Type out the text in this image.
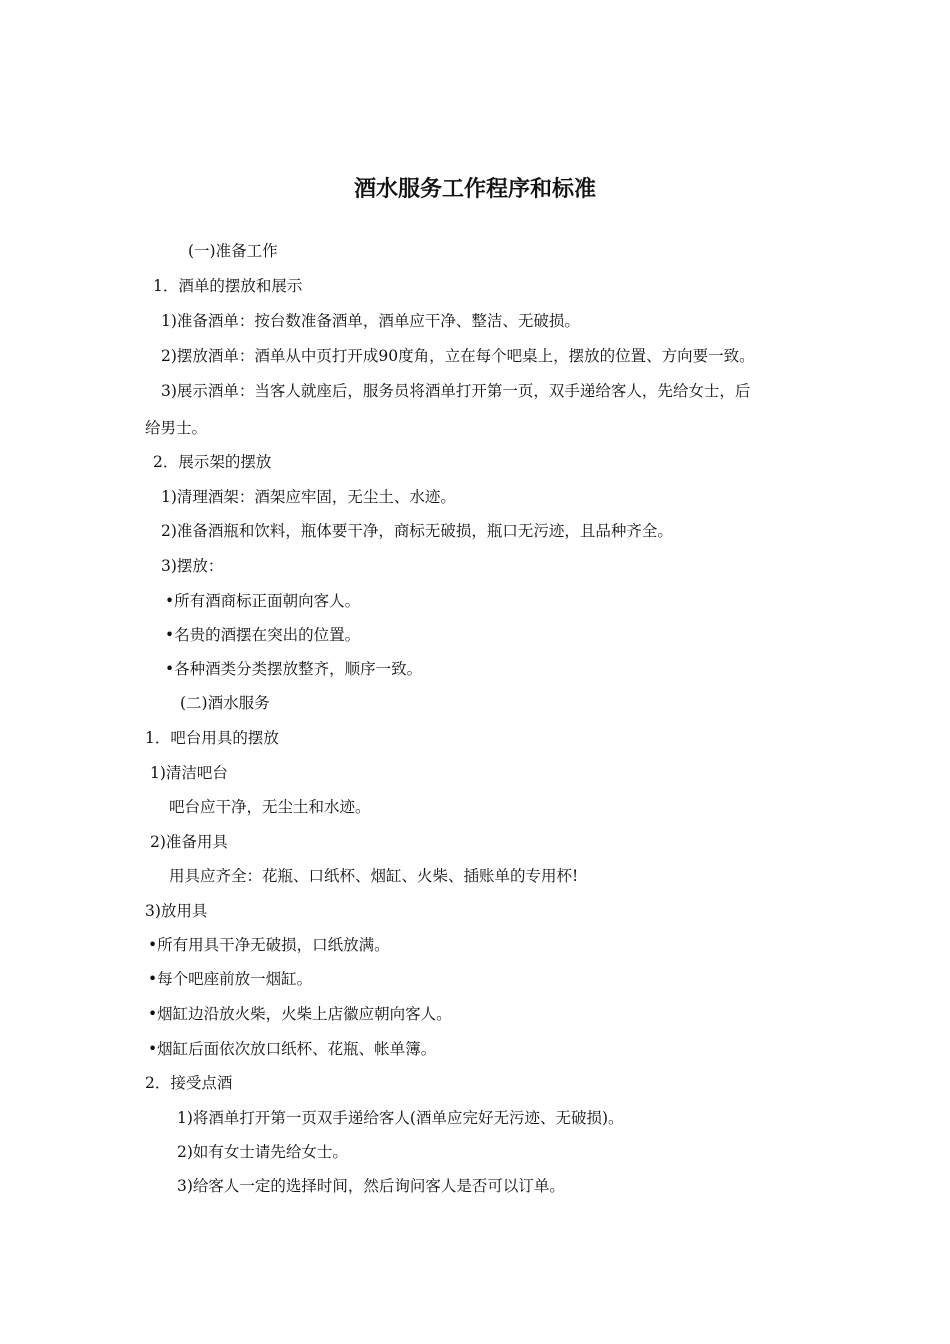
酒水服务工作程序和标准
(一)准备工作
1．酒单的摆放和展示
1)准备酒单：按台数准备酒单，酒单应干净、整洁、无破损。
2)摆放酒单：酒单从中页打开成90度角，立在每个吧桌上，摆放的位置、方向要一致。
3)展示酒单：当客人就座后，服务员将酒单打开第一页，双手递给客人，先给女士，后
给男士。
2．展示架的摆放
1)清理酒架：酒架应牢固，无尘土、水迹。
2)准备酒瓶和饮料，瓶体要干净，商标无破损，瓶口无污迹，且品种齐全。
3)摆放：
•所有酒商标正面朝向客人。
•名贵的酒摆在突出的位置。
•各种酒类分类摆放整齐，顺序一致。
(二)酒水服务
1．吧台用具的摆放
1)清洁吧台
吧台应干净，无尘土和水迹。
2)准备用具
用具应齐全：花瓶、口纸杯、烟缸、火柴、插账单的专用杯!
3)放用具
•所有用具干净无破损，口纸放满。
•每个吧座前放一烟缸。
•烟缸边沿放火柴，火柴上店徽应朝向客人。
•烟缸后面依次放口纸杯、花瓶、帐单簿。
2．接受点酒
1)将酒单打开第一页双手递给客人(酒单应完好无污迹、无破损)。
2)如有女士请先给女士。
3)给客人一定的选择时间，然后询问客人是否可以订单。
